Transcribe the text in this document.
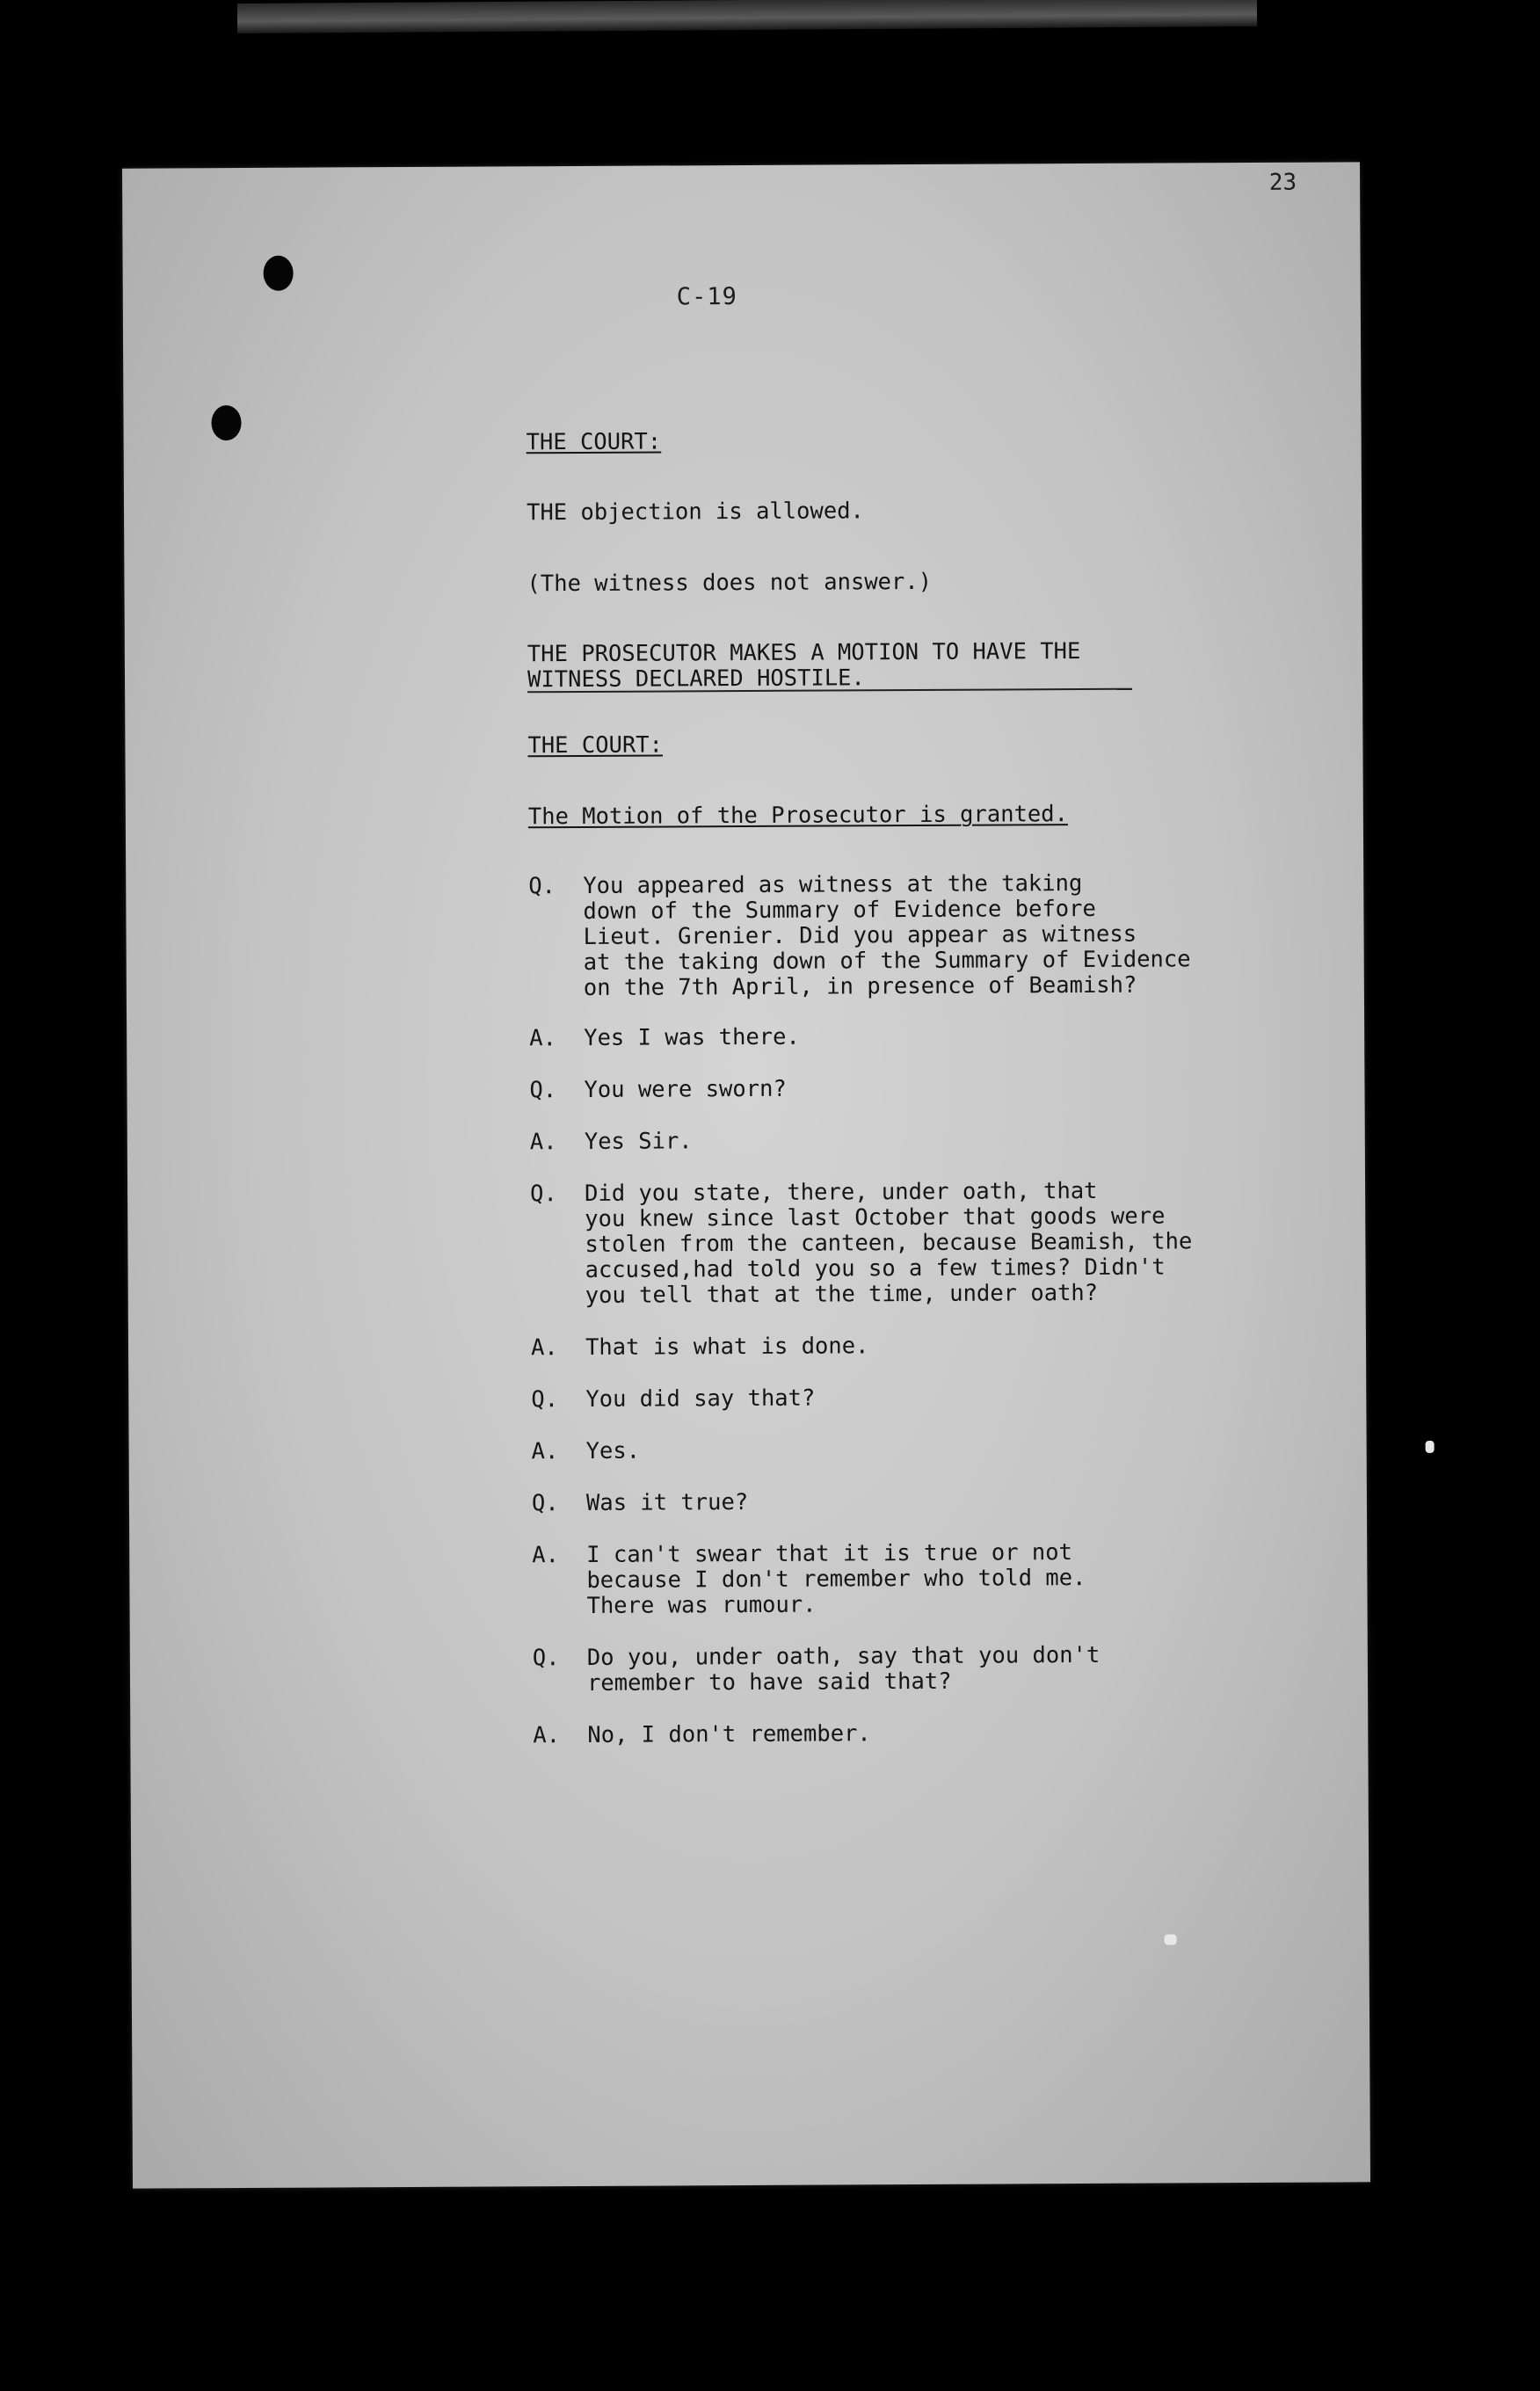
23
C-19
THE COURT:
THE objection is allowed.
(The witness does not answer.)
THE PROSECUTOR MAKES A MOTION TO HAVE THE
WITNESS DECLARED HOSTILE.
THE COURT:
The Motion of the Prosecutor is granted.
Q.	You appeared as witness at the taking
down of the Summary of Evidence before
Lieut. Grenier. Did you appear as witness
at the taking down of the Summary of Evidence
on the 7th April, in presence of Beamish?
A.	Yes I was there.
Q.	You were sworn?
A.	Yes Sir.
Q.	Did you state, there, under oath, that
you knew since last October that goods were
stolen from the canteen, because Beamish, the
accused,had told you so a few times? Didn't
you tell that at the time, under oath?
A.	That is what is done.
Q.	You did say that?
A.	Yes.
Q.	Was it true?
A.	I can't swear that it is true or not
because I don't remember who told me.
There was rumour.
Q.	Do you, under oath, say that you don't
remember to have said that?
A.	No, I don't remember.
